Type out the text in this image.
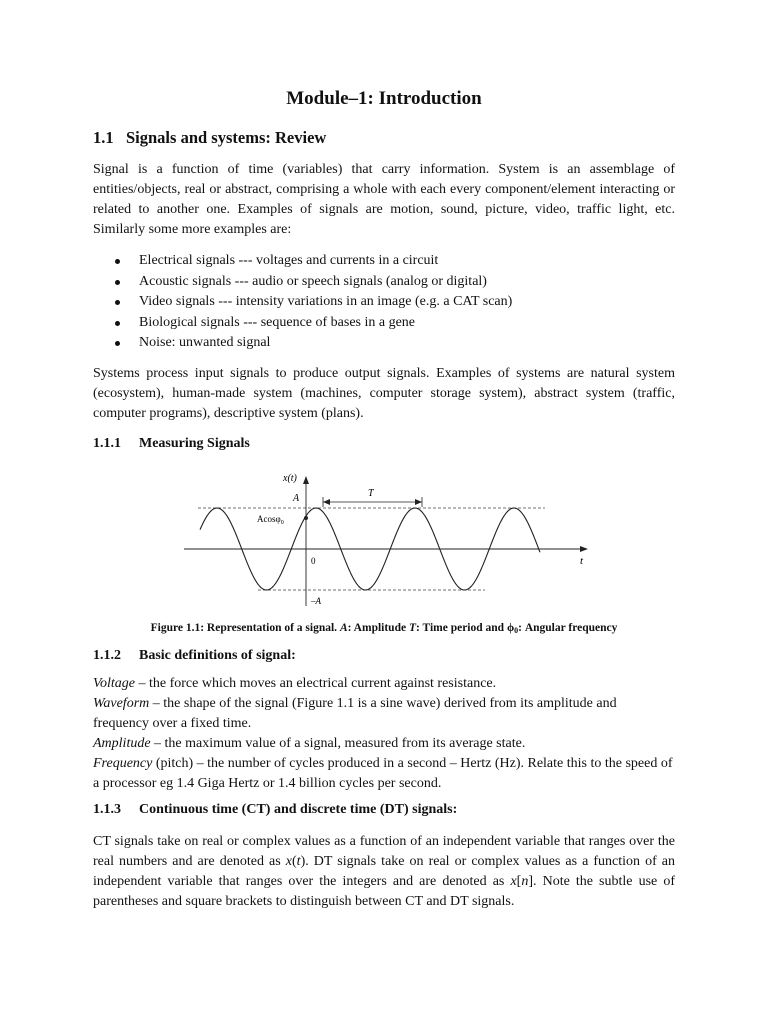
Module–1: Introduction
1.1 Signals and systems: Review

Signal is a function of time (variables) that carry information. System is an assemblage of entities/objects, real or abstract, comprising a whole with each every component/element interacting or related to another one. Examples of signals are motion, sound, picture, video, traffic light, etc. Similarly some more examples are:

Electrical signals --- voltages and currents in a circuit
Acoustic signals --- audio or speech signals (analog or digital)
Video signals --- intensity variations in an image (e.g. a CAT scan)
Biological signals --- sequence of bases in a gene
Noise: unwanted signal

Systems process input signals to produce output signals. Examples of systems are natural system (ecosystem), human-made system (machines, computer storage system), abstract system (traffic, computer programs), descriptive system (plans).

1.1.1 Measuring Signals
x(t)
A	T
Acosφ$_0$
0	t
–A

Figure 1.1: Representation of a signal. A: Amplitude T: Time period and ϕ0: Angular frequency

1.1.2 Basic definitions of signal:
Voltage – the force which moves an electrical current against resistance.
Waveform – the shape of the signal (Figure 1.1 is a sine wave) derived from its amplitude and frequency over a fixed time.
Amplitude – the maximum value of a signal, measured from its average state.
Frequency (pitch) – the number of cycles produced in a second – Hertz (Hz). Relate this to the speed of a processor eg 1.4 Giga Hertz or 1.4 billion cycles per second.
1.1.3 Continuous time (CT) and discrete time (DT) signals:

CT signals take on real or complex values as a function of an independent variable that ranges over the real numbers and are denoted as x(t). DT signals take on real or complex values as a function of an independent variable that ranges over the integers and are denoted as x[n]. Note the subtle use of parentheses and square brackets to distinguish between CT and DT signals.
